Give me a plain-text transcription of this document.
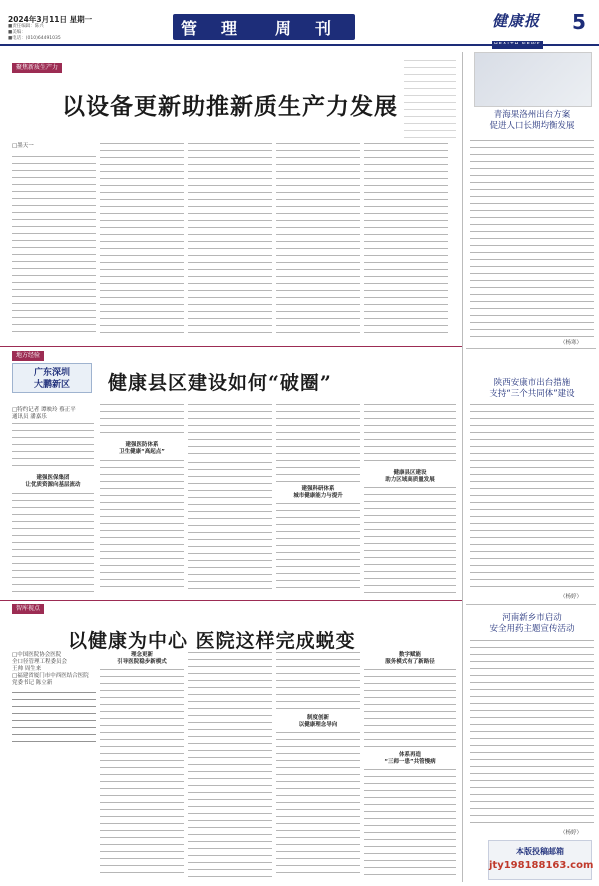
2024年3月11日 星期一
■责任编辑：陈兴
■美编：
■电话：(010)64491035
管 理 周 刊	健康报 5
聚焦新质生产力
以设备更新助推新质生产力发展
□墨天一
青海果洛州出台方案
促进人口长期均衡发展
（杨寒）
地方经验
广东深圳
大鹏新区	健康县区建设如何“破圈”
□特约记者 谭映玲 蔡正平
通讯员 潘嘉乐
建强医保集团
让优质资源向基层流动
建强医防体系
卫生健康“高起点”
建强科研体系
城市健康能力与提升
健康县区建设
助力区域高质量发展
陕西安康市出台措施
支持“三个共同体”建设
（杨婷）
智库视点
以健康为中心 医院这样完成蜕变
□中国医院协会医院
全口径管理工程委员会
王帅 周生来
□福建省厦门市中西医结合医院
党委书记 陈立新
理念更新
引导医院稳步新模式
制度创新
以健康理念导向
数字赋能
服务模式有了新路径
体系再造
“三师一患”共管慢病
河南新乡市启动
安全用药主题宣传活动
（杨婷）
本版投稿邮箱
jty198188163.com
